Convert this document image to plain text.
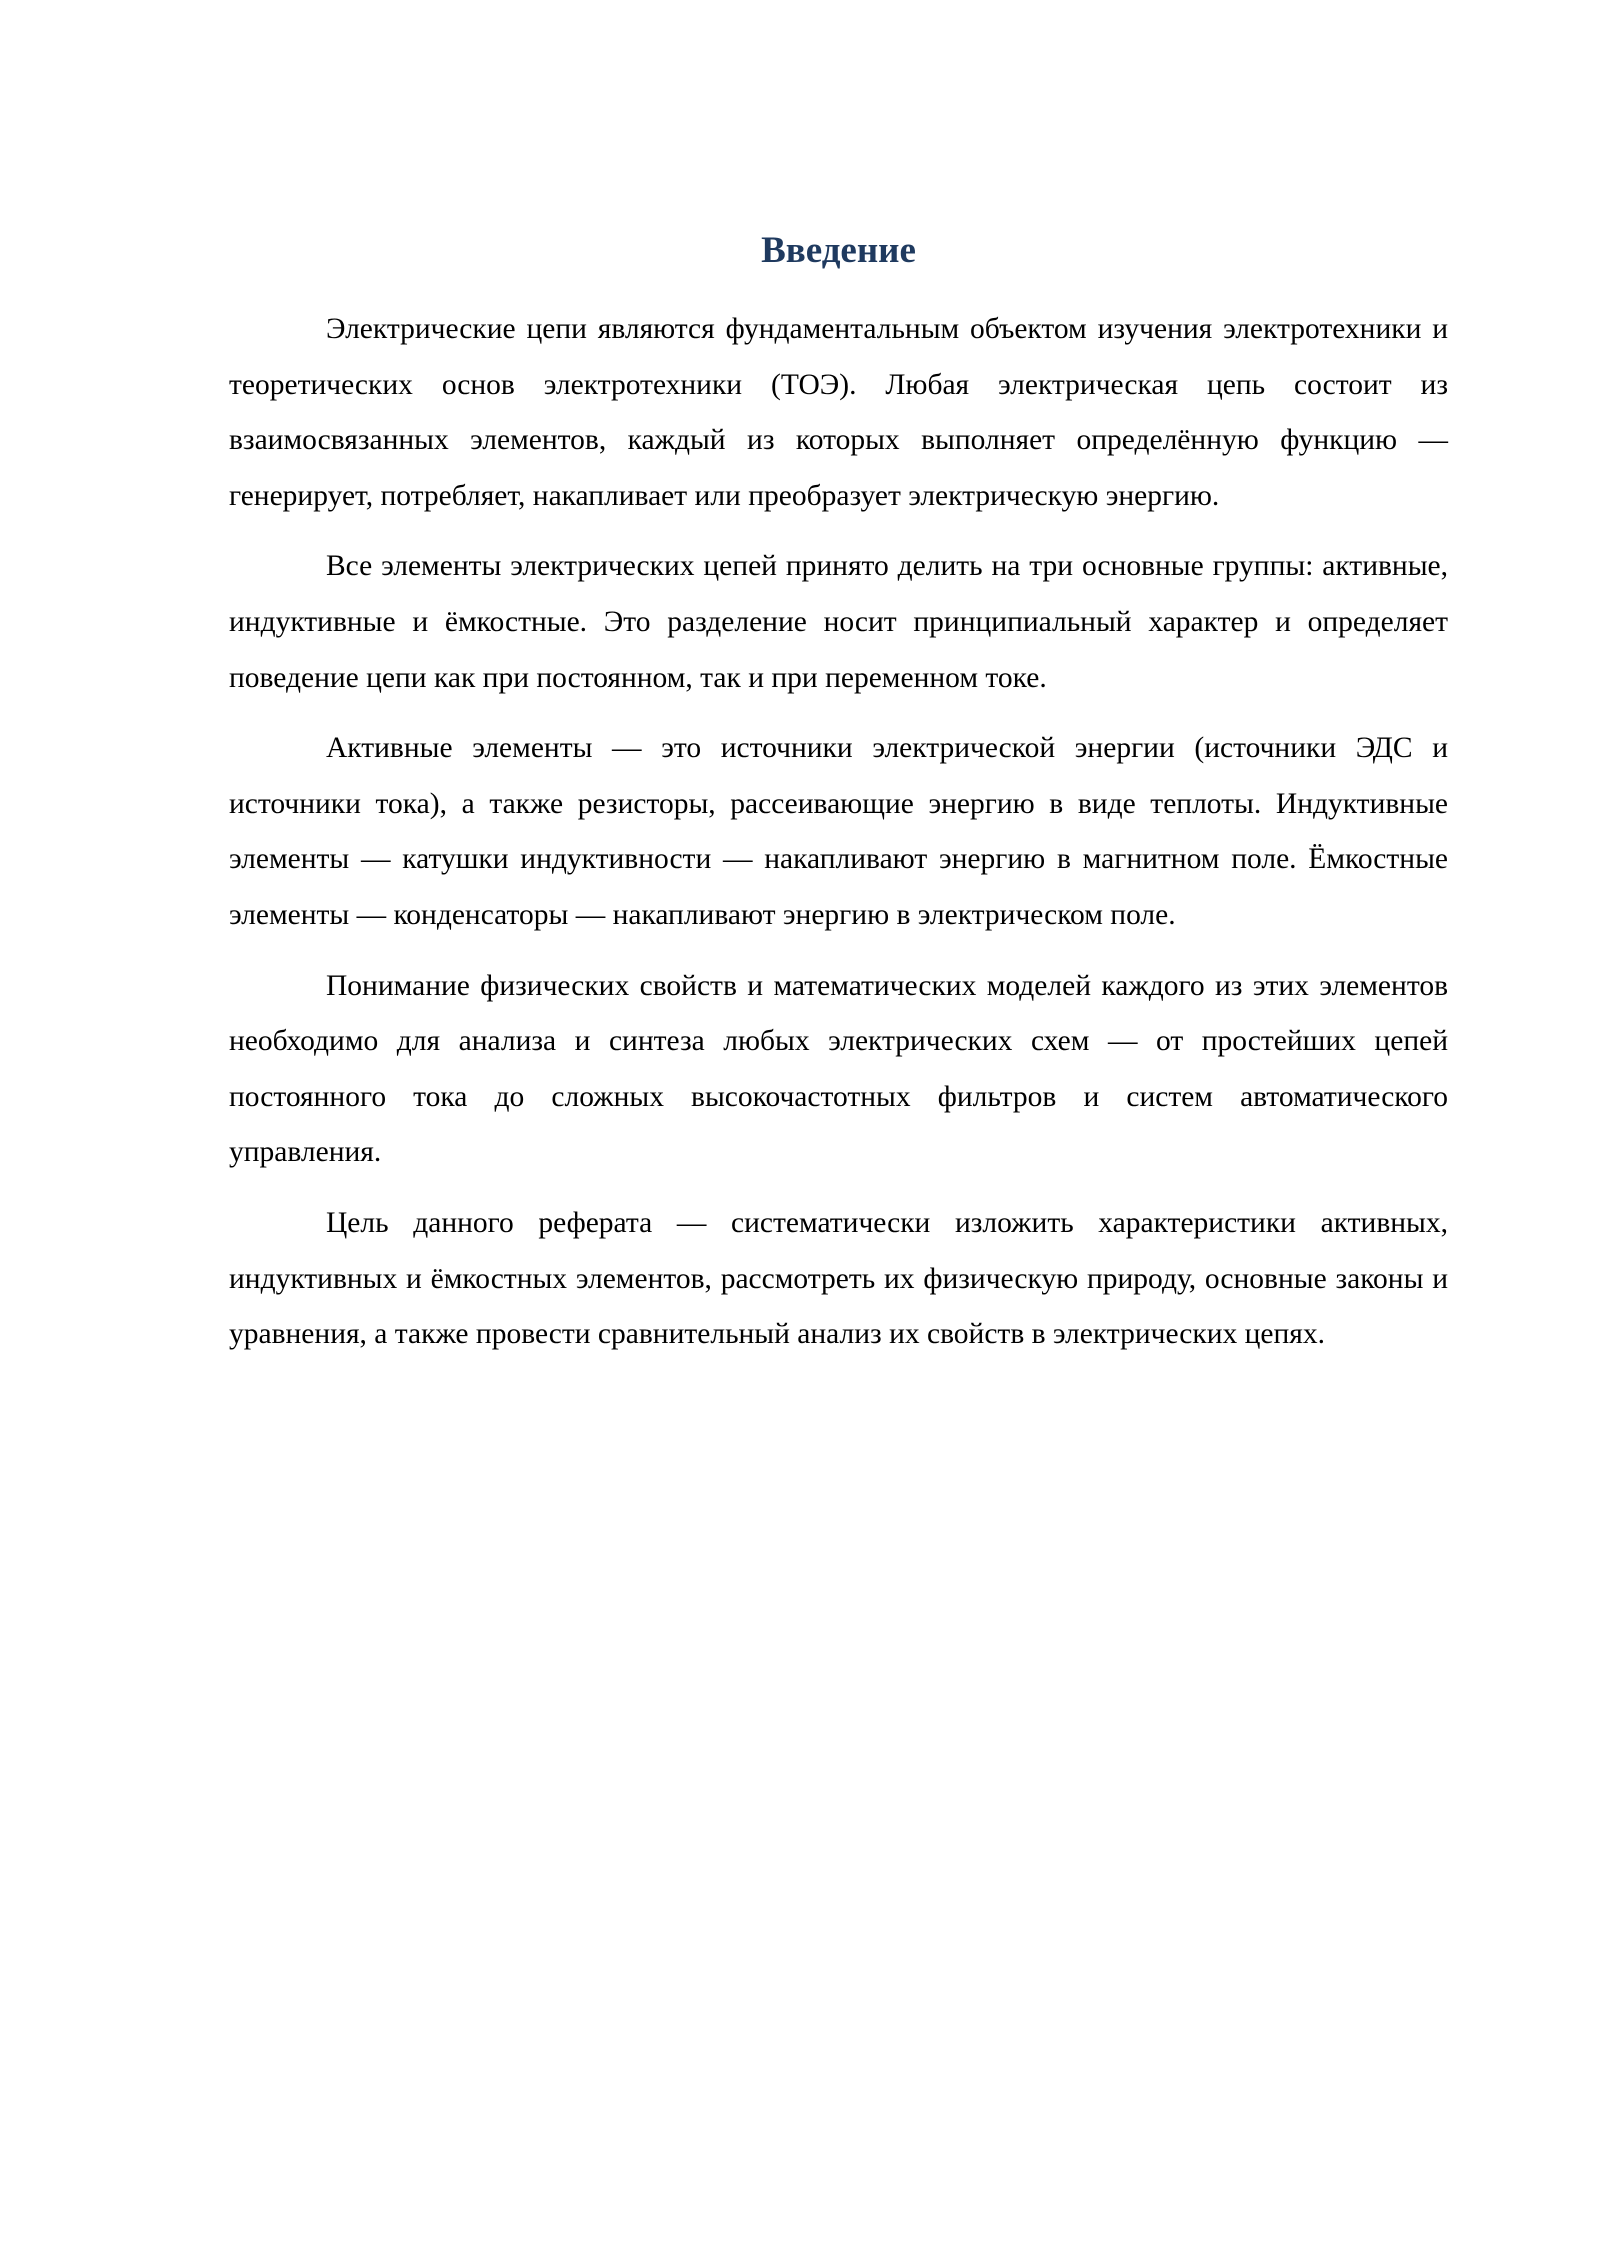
Введение

Электрические цепи являются фундаментальным объектом изучения электротехники и теоретических основ электротехники (ТОЭ). Любая электрическая цепь состоит из взаимосвязанных элементов, каждый из которых выполняет определённую функцию — генерирует, потребляет, накапливает или преобразует электрическую энергию.

Все элементы электрических цепей принято делить на три основные группы: активные, индуктивные и ёмкостные. Это разделение носит принципиальный характер и определяет поведение цепи как при постоянном, так и при переменном токе.

Активные элементы — это источники электрической энергии (источники ЭДС и источники тока), а также резисторы, рассеивающие энергию в виде теплоты. Индуктивные элементы — катушки индуктивности — накапливают энергию в магнитном поле. Ёмкостные элементы — конденсаторы — накапливают энергию в электрическом поле.

Понимание физических свойств и математических моделей каждого из этих элементов необходимо для анализа и синтеза любых электрических схем — от простейших цепей постоянного тока до сложных высокочастотных фильтров и систем автоматического управления.

Цель данного реферата — систематически изложить характеристики активных, индуктивных и ёмкостных элементов, рассмотреть их физическую природу, основные законы и уравнения, а также провести сравнительный анализ их свойств в электрических цепях.
